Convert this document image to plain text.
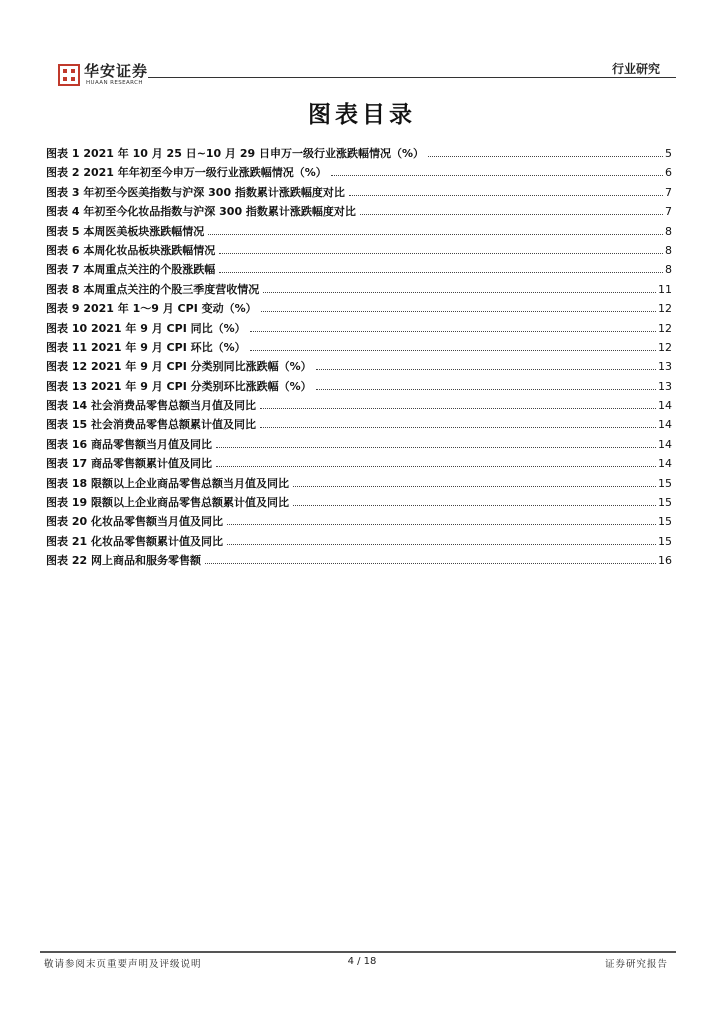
华安证券
HUAAN RESEARCH
行业研究
图表目录
图表 1 2021 年 10 月 25 日~10 月 29 日申万一级行业涨跌幅情况（%）	5
图表 2 2021 年年初至今申万一级行业涨跌幅情况（%）	6
图表 3 年初至今医美指数与沪深 300 指数累计涨跌幅度对比	7
图表 4 年初至今化妆品指数与沪深 300 指数累计涨跌幅度对比	7
图表 5 本周医美板块涨跌幅情况	8
图表 6 本周化妆品板块涨跌幅情况	8
图表 7 本周重点关注的个股涨跌幅	8
图表 8 本周重点关注的个股三季度营收情况	11
图表 9 2021 年 1～9 月 CPI 变动（%）	12
图表 10 2021 年 9 月 CPI 同比（%）	12
图表 11 2021 年 9 月 CPI 环比（%）	12
图表 12 2021 年 9 月 CPI 分类别同比涨跌幅（%）	13
图表 13 2021 年 9 月 CPI 分类别环比涨跌幅（%）	13
图表 14 社会消费品零售总额当月值及同比	14
图表 15 社会消费品零售总额累计值及同比	14
图表 16 商品零售额当月值及同比	14
图表 17 商品零售额累计值及同比	14
图表 18 限额以上企业商品零售总额当月值及同比	15
图表 19 限额以上企业商品零售总额累计值及同比	15
图表 20 化妆品零售额当月值及同比	15
图表 21 化妆品零售额累计值及同比	15
图表 22 网上商品和服务零售额	16
敬请参阅末页重要声明及评级说明	4 / 18	证券研究报告
